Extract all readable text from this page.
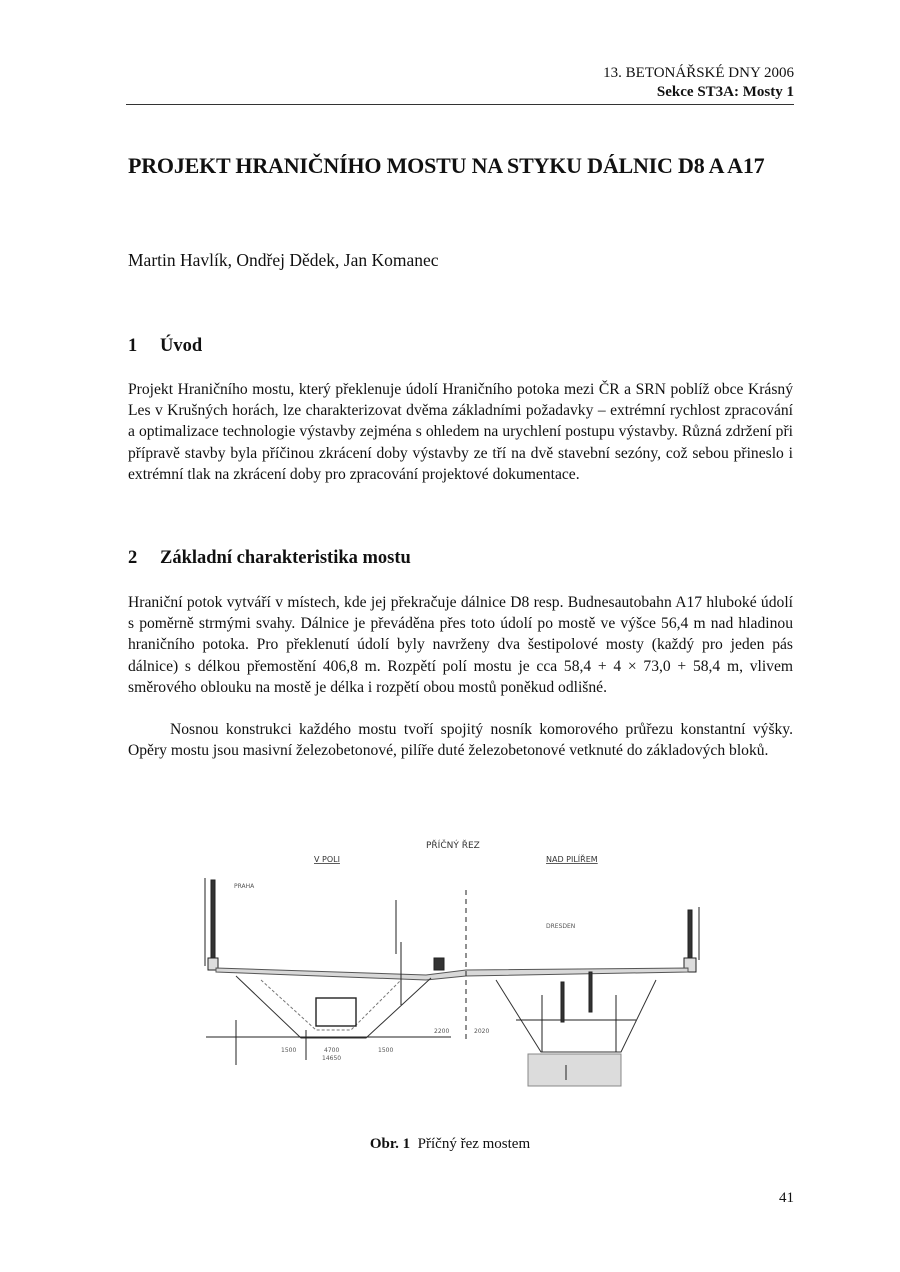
13. BETONÁŘSKÉ DNY 2006
Sekce ST3A: Mosty 1
PROJEKT HRANIČNÍHO MOSTU NA STYKU DÁLNIC D8 A A17
Martin Havlík, Ondřej Dědek, Jan Komanec
1 Úvod
Projekt Hraničního mostu, který překlenuje údolí Hraničního potoka mezi ČR a SRN poblíž obce Krásný Les v Krušných horách, lze charakterizovat dvěma základními požadavky – extrémní rychlost zpracování a optimalizace technologie výstavby zejména s ohledem na urychlení postupu výstavby. Různá zdržení při přípravě stavby byla příčinou zkrácení doby výstavby ze tří na dvě stavební sezóny, což sebou přineslo i extrémní tlak na zkrácení doby pro zpracování projektové dokumentace.
2 Základní charakteristika mostu
Hraniční potok vytváří v místech, kde jej překračuje dálnice D8 resp. Budnesautobahn A17 hluboké údolí s poměrně strmými svahy. Dálnice je převáděna přes toto údolí po mostě ve výšce 56,4 m nad hladinou hraničního potoka. Pro překlenutí údolí byly navrženy dva šestipolové mosty (každý pro jeden pás dálnice) s délkou přemostění 406,8 m. Rozpětí polí mostu je cca 58,4 + 4 × 73,0 + 58,4 m, vlivem směrového oblouku na mostě je délka i rozpětí obou mostů poněkud odlišné.
Nosnou konstrukci každého mostu tvoří spojitý nosník komorového průřezu konstantní výšky. Opěry mostu jsou masivní železobetonové, pilíře duté železobetonové vetknuté do základových bloků.
PŘÍČNÝ ŘEZ
V POLI	NAD PILÍŘEM
PRAHA
DRESDEN
1500	4700	1500
2200	2020
14650
Obr. 1 Příčný řez mostem
41
